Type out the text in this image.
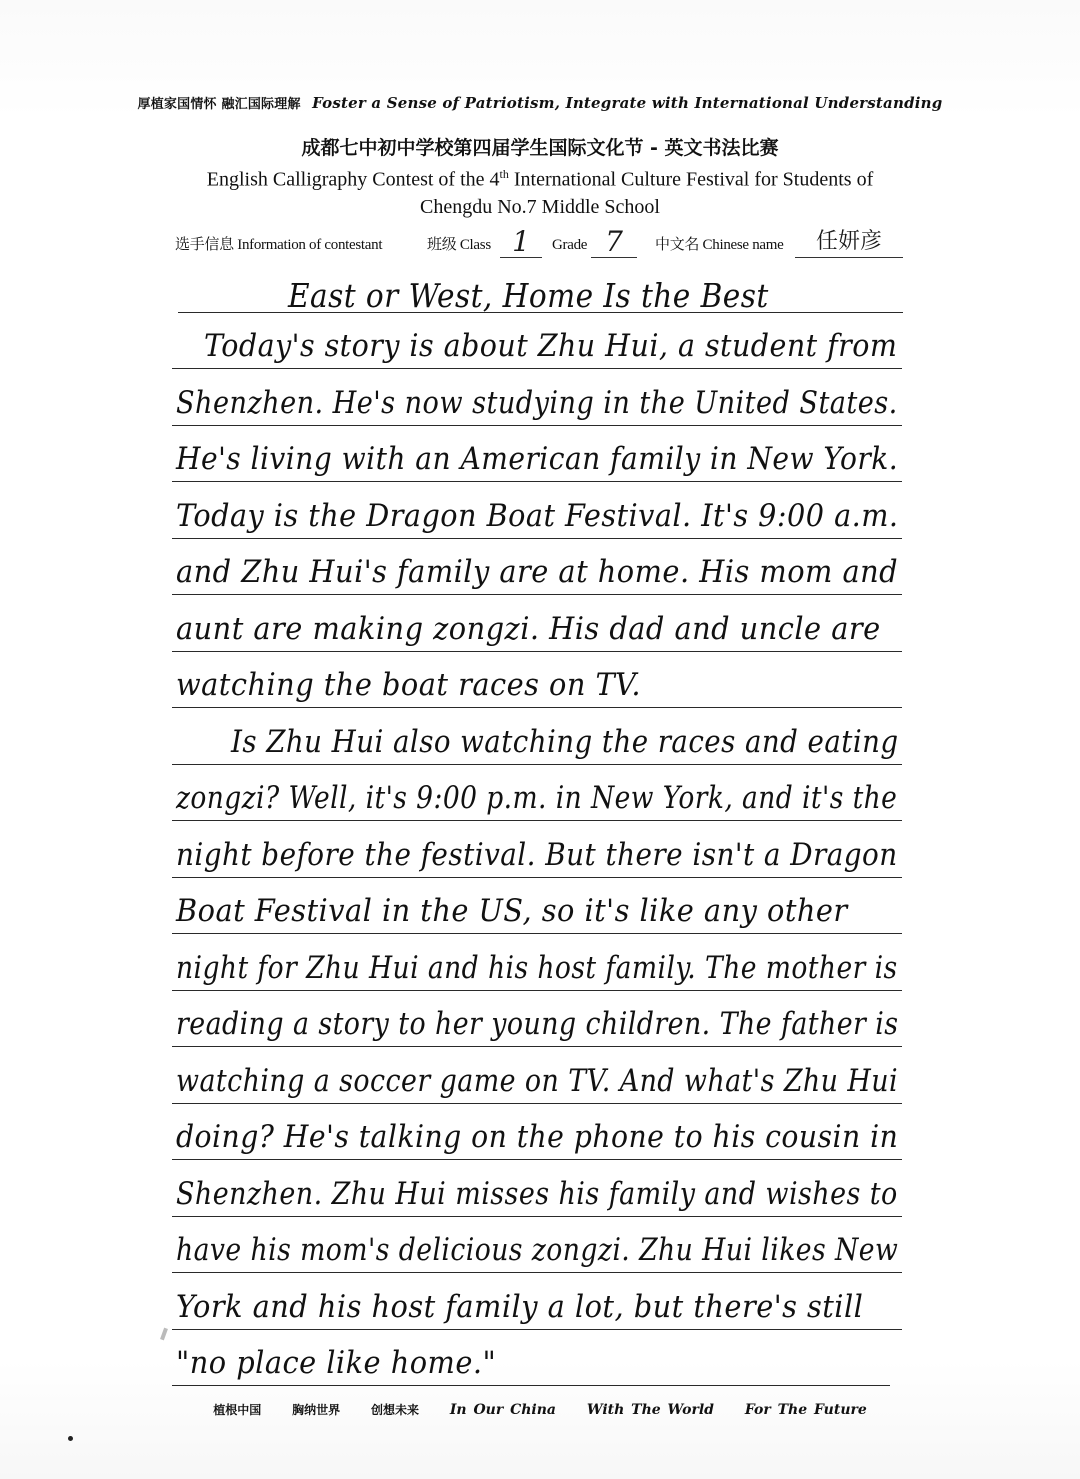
厚植家国情怀 融汇国际理解 Foster a Sense of Patriotism, Integrate with International Understanding
成都七中初中学校第四届学生国际文化节 - 英文书法比赛
English Calligraphy Contest of the 4th International Culture Festival for Students of
Chengdu No.7 Middle School
选手信息 Information of contestant	班级 Class 1	Grade 7	中文名 Chinese name	任妍彦
East or West, Home Is the Best
Today's story is about Zhu Hui, a student from
Shenzhen. He's now studying in the United States.
He's living with an American family in New York.
Today is the Dragon Boat Festival. It's 9:00 a.m.
and Zhu Hui's family are at home. His mom and
aunt are making zongzi. His dad and uncle are
watching the boat races on TV.
Is Zhu Hui also watching the races and eating
zongzi? Well, it's 9:00 p.m. in New York, and it's the
night before the festival. But there isn't a Dragon
Boat Festival in the US, so it's like any other
night for Zhu Hui and his host family. The mother is
reading a story to her young children. The father is
watching a soccer game on TV. And what's Zhu Hui
doing? He's talking on the phone to his cousin in
Shenzhen. Zhu Hui misses his family and wishes to
have his mom's delicious zongzi. Zhu Hui likes New
York and his host family a lot, but there's still
"no place like home."
植根中国	胸纳世界	创想未来 In Our China With The World For The Future
